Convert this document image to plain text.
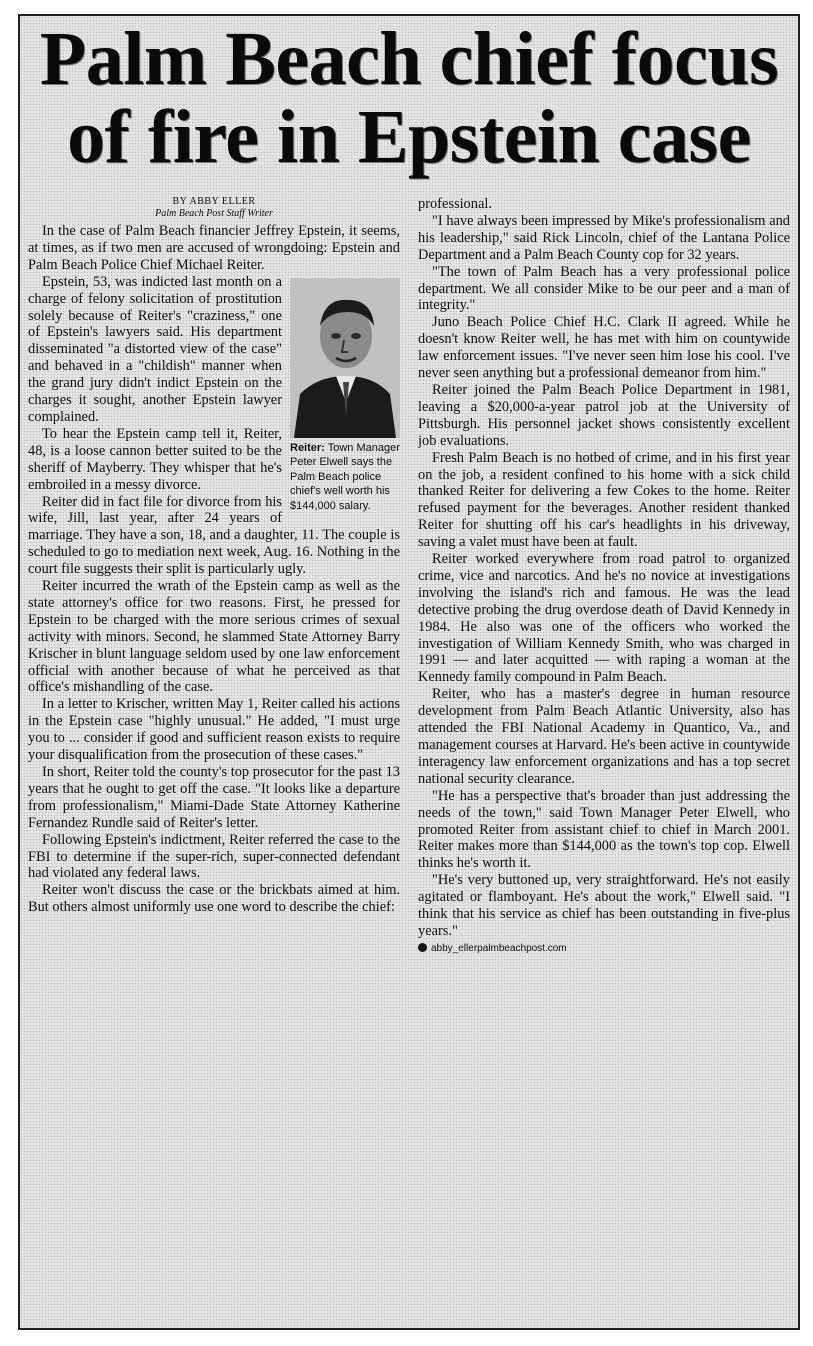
Palm Beach chief focus
of fire in Epstein case
BY ABBY ELLER
Palm Beach Post Staff Writer

In the case of Palm Beach financier Jeffrey Epstein, it seems, at times, as if two men are accused of wrongdoing: Epstein and Palm Beach Police Chief Michael Reiter.

Reiter: Town Manager Peter Elwell says the Palm Beach police chief's well worth his $144,000 salary.

Epstein, 53, was indicted last month on a charge of felony solicitation of prostitution solely because of Reiter's "craziness," one of Epstein's lawyers said. His department disseminated "a distorted view of the case" and behaved in a "childish" manner when the grand jury didn't indict Epstein on the charges it sought, another Epstein lawyer complained.

To hear the Epstein camp tell it, Reiter, 48, is a loose cannon better suited to be the sheriff of Mayberry. They whisper that he's embroiled in a messy divorce.

Reiter did in fact file for divorce from his wife, Jill, last year, after 24 years of marriage. They have a son, 18, and a daughter, 11. The couple is scheduled to go to mediation next week, Aug. 16. Nothing in the court file suggests their split is particularly ugly.

Reiter incurred the wrath of the Epstein camp as well as the state attorney's office for two reasons. First, he pressed for Epstein to be charged with the more serious crimes of sexual activity with minors. Second, he slammed State Attorney Barry Krischer in blunt language seldom used by one law enforcement official with another because of what he perceived as that office's mishandling of the case.

In a letter to Krischer, written May 1, Reiter called his actions in the Epstein case "highly unusual." He added, "I must urge you to ... consider if good and sufficient reason exists to require your disqualification from the prosecution of these cases."

In short, Reiter told the county's top prosecutor for the past 13 years that he ought to get off the case. "It looks like a departure from professionalism," Miami-Dade State Attorney Katherine Fernandez Rundle said of Reiter's letter.

Following Epstein's indictment, Reiter referred the case to the FBI to determine if the super-rich, super-connected defendant had violated any federal laws.

Reiter won't discuss the case or the brickbats aimed at him. But others almost uniformly use one word to describe the chief:

professional.

"I have always been impressed by Mike's professionalism and his leadership," said Rick Lincoln, chief of the Lantana Police Department and a Palm Beach County cop for 32 years.

"The town of Palm Beach has a very professional police department. We all consider Mike to be our peer and a man of integrity."

Juno Beach Police Chief H.C. Clark II agreed. While he doesn't know Reiter well, he has met with him on countywide law enforcement issues. "I've never seen him lose his cool. I've never seen anything but a professional demeanor from him."

Reiter joined the Palm Beach Police Department in 1981, leaving a $20,000-a-year patrol job at the University of Pittsburgh. His personnel jacket shows consistently excellent job evaluations.

Fresh Palm Beach is no hotbed of crime, and in his first year on the job, a resident confined to his home with a sick child thanked Reiter for delivering a few Cokes to the home. Reiter refused payment for the beverages. Another resident thanked Reiter for shutting off his car's headlights in his driveway, saving a valet must have been at fault.

Reiter worked everywhere from road patrol to organized crime, vice and narcotics. And he's no novice at investigations involving the island's rich and famous. He was the lead detective probing the drug overdose death of David Kennedy in 1984. He also was one of the officers who worked the investigation of William Kennedy Smith, who was charged in 1991 — and later acquitted — with raping a woman at the Kennedy family compound in Palm Beach.

Reiter, who has a master's degree in human resource development from Palm Beach Atlantic University, also has attended the FBI National Academy in Quantico, Va., and management courses at Harvard. He's been active in countywide interagency law enforcement organizations and has a top secret national security clearance.

"He has a perspective that's broader than just addressing the needs of the town," said Town Manager Peter Elwell, who promoted Reiter from assistant chief to chief in March 2001. Reiter makes more than $144,000 as the town's top cop. Elwell thinks he's worth it.

"He's very buttoned up, very straightforward. He's not easily agitated or flamboyant. He's about the work," Elwell said. "I think that his service as chief has been outstanding in five-plus years."

abby_ellerpalmbeachpost.com
